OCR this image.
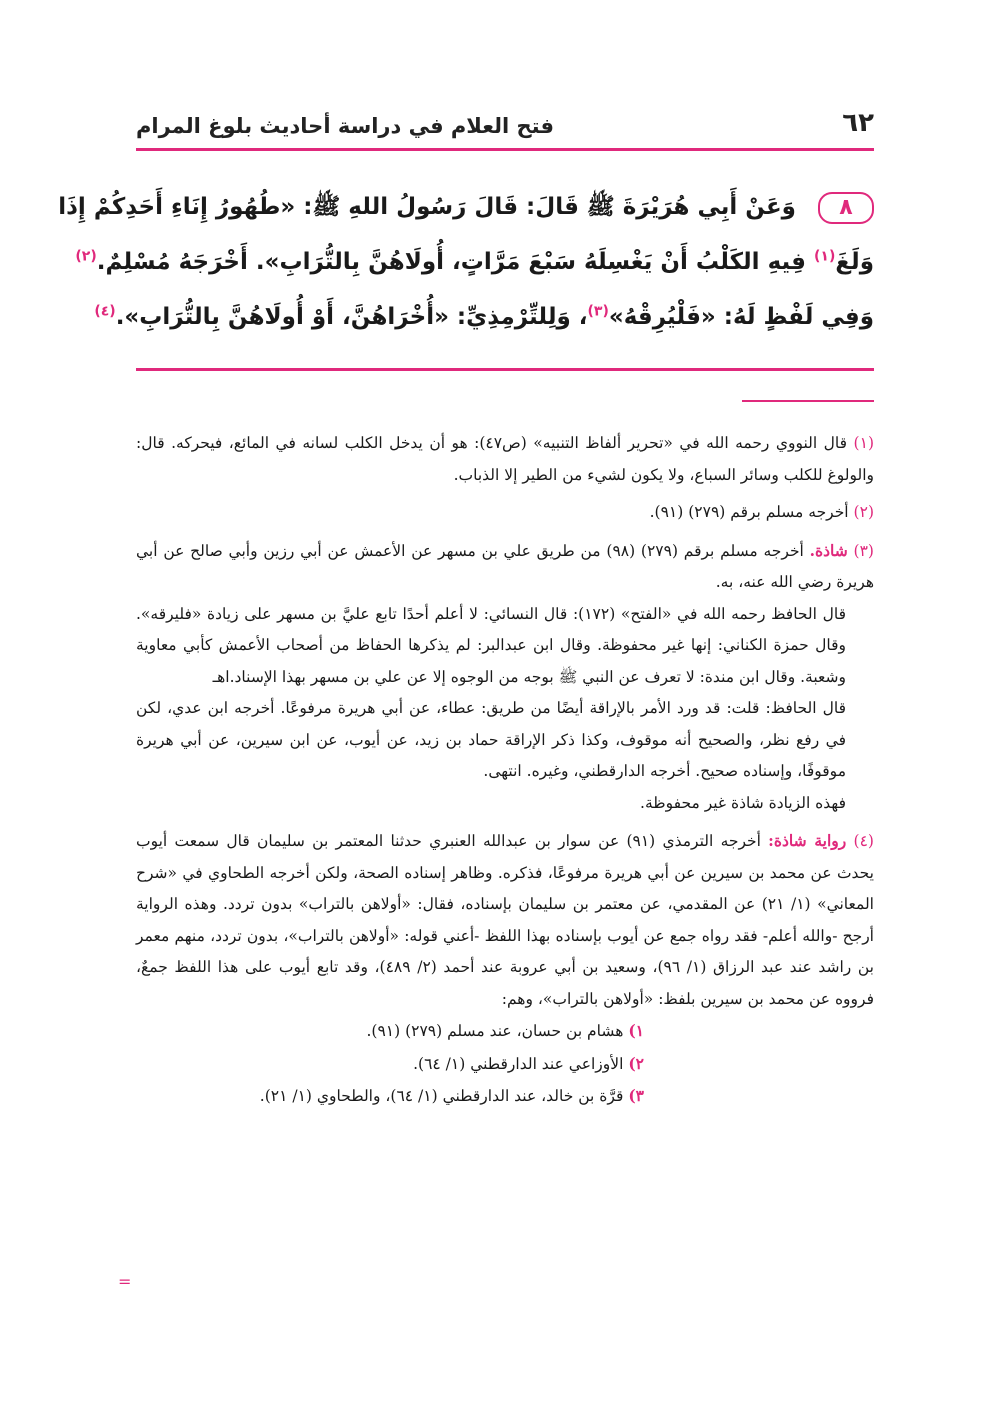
٦٢
فتح العلام في دراسة أحاديث بلوغ المرام
٨ وَعَنْ أَبِي هُرَيْرَةَ ﷺ قَالَ: قَالَ رَسُولُ اللهِ ﷺ: «طُهُورُ إِنَاءِ أَحَدِكُمْ إِذَا
وَلَغَ$^{(١)}$ فِيهِ الكَلْبُ أَنْ يَغْسِلَهُ سَبْعَ مَرَّاتٍ، أُولَاهُنَّ بِالتُّرَابِ». أَخْرَجَهُ مُسْلِمٌ.$^{(٢)}$
وَفِي لَفْظٍ لَهُ: «فَلْيُرِقْهُ»$^{(٣)}$، وَلِلتِّرْمِذِيِّ: «أُخْرَاهُنَّ، أَوْ أُولَاهُنَّ بِالتُّرَابِ».$^{(٤)}$
(١) قال النووي رحمه الله في «تحرير ألفاظ التنبيه» (ص٤٧): هو أن يدخل الكلب لسانه في المائع، فيحركه. قال: والولوغ للكلب وسائر السباع، ولا يكون لشيء من الطير إلا الذباب.
(٢) أخرجه مسلم برقم (٢٧٩) (٩١).
(٣) شاذة. أخرجه مسلم برقم (٢٧٩) (٩٨) من طريق علي بن مسهر عن الأعمش عن أبي رزين وأبي صالح عن أبي هريرة رضي الله عنه، به.
قال الحافظ رحمه الله في «الفتح» (١٧٢): قال النسائي: لا أعلم أحدًا تابع عليَّ بن مسهر على زيادة «فليرقه». وقال حمزة الكناني: إنها غير محفوظة. وقال ابن عبدالبر: لم يذكرها الحفاظ من أصحاب الأعمش كأبي معاوية وشعبة. وقال ابن مندة: لا تعرف عن النبي ﷺ بوجه من الوجوه إلا عن علي بن مسهر بهذا الإسناد.اهـ
قال الحافظ: قلت: قد ورد الأمر بالإراقة أيضًا من طريق: عطاء، عن أبي هريرة مرفوعًا. أخرجه ابن عدي، لكن في رفع نظر، والصحيح أنه موقوف، وكذا ذكر الإراقة حماد بن زيد، عن أيوب، عن ابن سيرين، عن أبي هريرة موقوفًا، وإسناده صحيح. أخرجه الدارقطني، وغيره. انتهى.
فهذه الزيادة شاذة غير محفوظة.
(٤) رواية شاذة: أخرجه الترمذي (٩١) عن سوار بن عبدالله العنبري حدثنا المعتمر بن سليمان قال سمعت أيوب يحدث عن محمد بن سيرين عن أبي هريرة مرفوعًا، فذكره. وظاهر إسناده الصحة، ولكن أخرجه الطحاوي في «شرح المعاني» (١/ ٢١) عن المقدمي، عن معتمر بن سليمان بإسناده، فقال: «أولاهن بالتراب» بدون تردد. وهذه الرواية أرجح -والله أعلم- فقد رواه جمع عن أيوب بإسناده بهذا اللفظ -أعني قوله: «أولاهن بالتراب»، بدون تردد، منهم معمر بن راشد عند عبد الرزاق (١/ ٩٦)، وسعيد بن أبي عروبة عند أحمد (٢/ ٤٨٩)، وقد تابع أيوب على هذا اللفظ جمعٌ، فرووه عن محمد بن سيرين بلفظ: «أولاهن بالتراب»، وهم:
١) هشام بن حسان، عند مسلم (٢٧٩) (٩١).
٢) الأوزاعي عند الدارقطني (١/ ٦٤).
٣) قرَّة بن خالد، عند الدارقطني (١/ ٦٤)، والطحاوي (١/ ٢١).
=
